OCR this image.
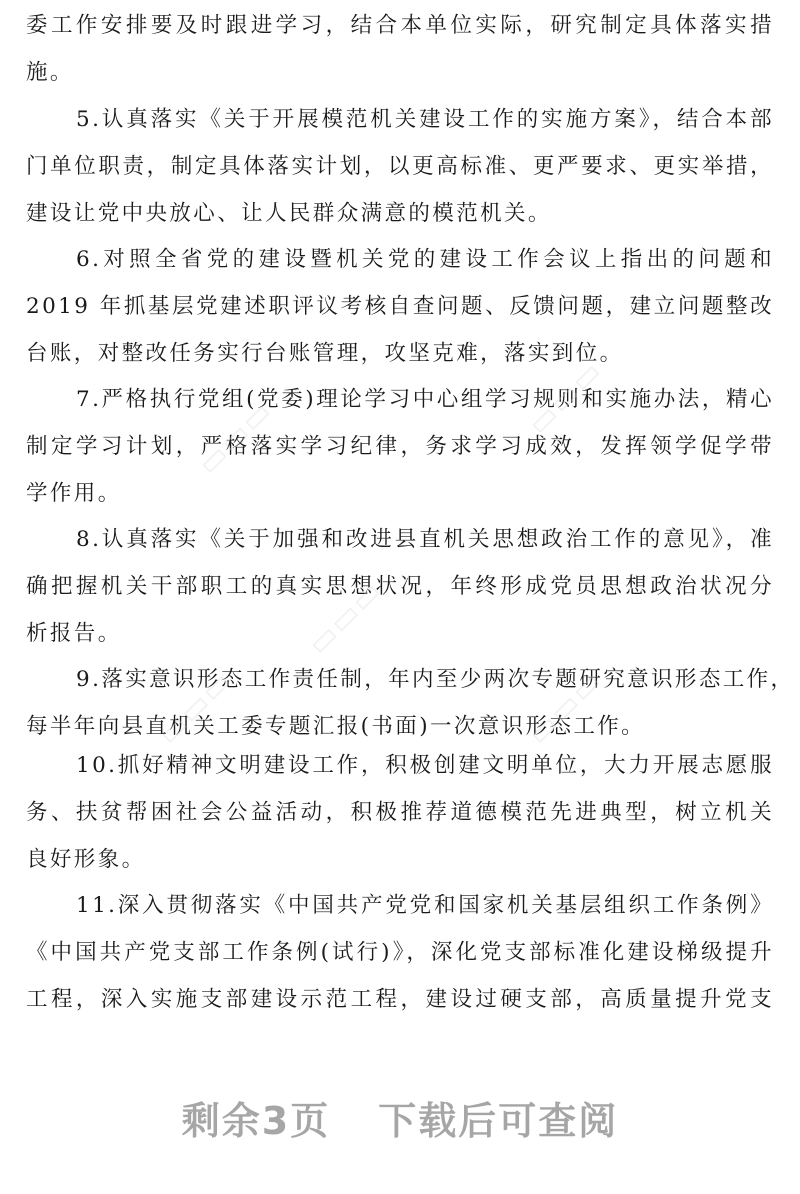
委工作安排要及时跟进学习，结合本单位实际，研究制定具体落实措
施。
5.认真落实《关于开展模范机关建设工作的实施方案》，结合本部
门单位职责，制定具体落实计划，以更高标准、更严要求、更实举措，
建设让党中央放心、让人民群众满意的模范机关。
6.对照全省党的建设暨机关党的建设工作会议上指出的问题和
2019 年抓基层党建述职评议考核自查问题、反馈问题，建立问题整改
台账，对整改任务实行台账管理，攻坚克难，落实到位。
7.严格执行党组(党委)理论学习中心组学习规则和实施办法，精心
制定学习计划，严格落实学习纪律，务求学习成效，发挥领学促学带
学作用。
8.认真落实《关于加强和改进县直机关思想政治工作的意见》，准
确把握机关干部职工的真实思想状况，年终形成党员思想政治状况分
析报告。
9.落实意识形态工作责任制，年内至少两次专题研究意识形态工作，
每半年向县直机关工委专题汇报(书面)一次意识形态工作。
10.抓好精神文明建设工作，积极创建文明单位，大力开展志愿服
务、扶贫帮困社会公益活动，积极推荐道德模范先进典型，树立机关
良好形象。
11.深入贯彻落实《中国共产党党和国家机关基层组织工作条例》
《中国共产党支部工作条例(试行)》，深化党支部标准化建设梯级提升
工程，深入实施支部建设示范工程，建设过硬支部，高质量提升党支
▭▭▭	▭▭▭
▭▭▭
▭▭▭	▭▭▭
剩余3页 下载后可查阅
